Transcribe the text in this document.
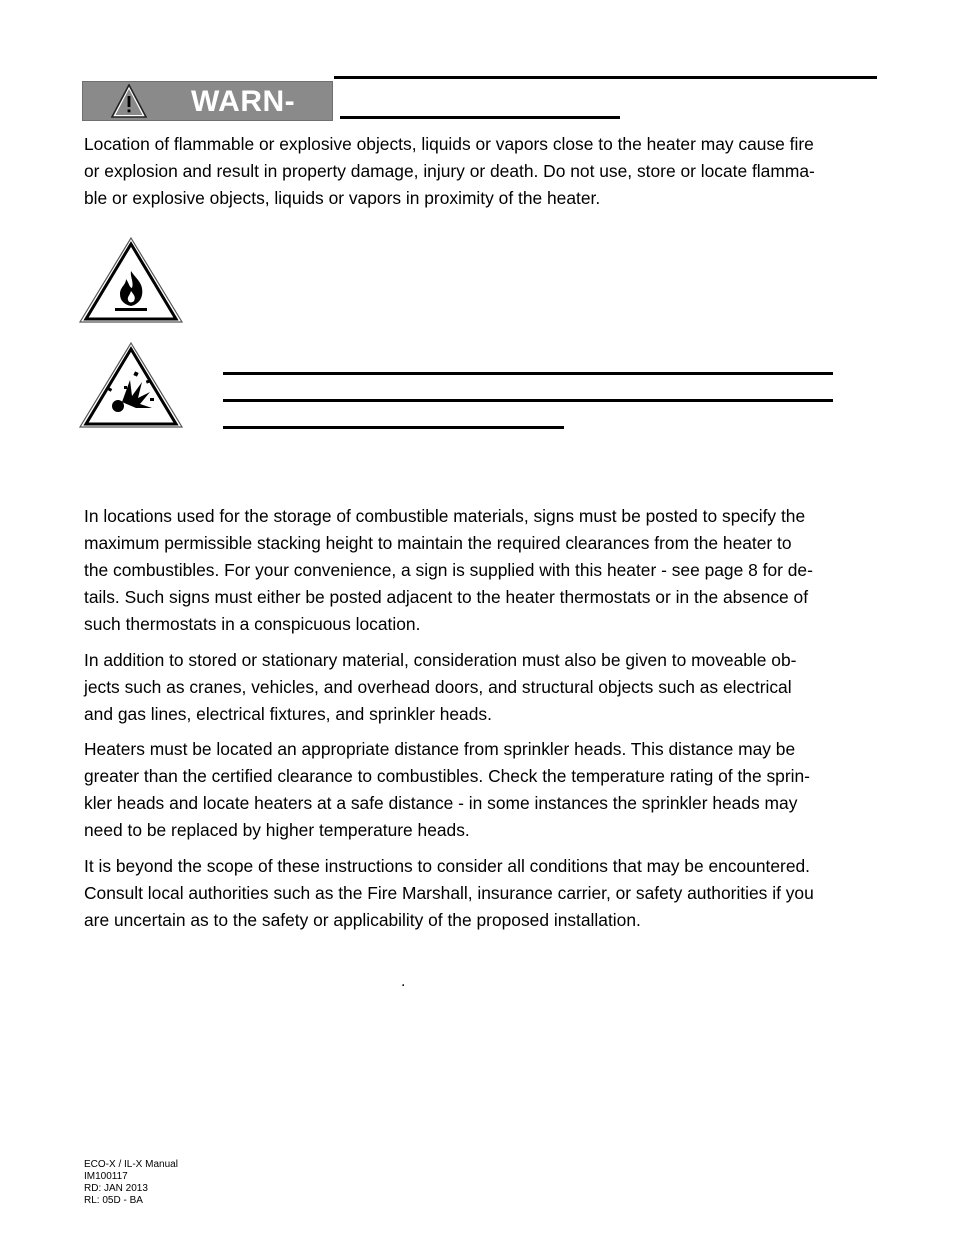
WARN-
Location of flammable or explosive objects, liquids or vapors close to the heater may cause fire
or explosion and result in property damage, injury or death. Do not use, store or locate flamma-
ble or explosive objects, liquids or vapors in proximity of the heater.
In locations used for the storage of combustible materials, signs must be posted to specify the
maximum permissible stacking height to maintain the required clearances from the heater to
the combustibles. For your convenience, a sign is supplied with this heater - see page 8 for de-
tails. Such signs must either be posted adjacent to the heater thermostats or in the absence of
such thermostats in a conspicuous location.
In addition to stored or stationary material, consideration must also be given to moveable ob-
jects such as cranes, vehicles, and overhead doors, and structural objects such as electrical
and gas lines, electrical fixtures, and sprinkler heads.
Heaters must be located an appropriate distance from sprinkler heads. This distance may be
greater than the certified clearance to combustibles. Check the temperature rating of the sprin-
kler heads and locate heaters at a safe distance - in some instances the sprinkler heads may
need to be replaced by higher temperature heads.
It is beyond the scope of these instructions to consider all conditions that may be encountered.
Consult local authorities such as the Fire Marshall, insurance carrier, or safety authorities if you
are uncertain as to the safety or applicability of the proposed installation.
.
ECO-X / IL-X Manual
IM100117
RD: JAN 2013
RL: 05D - BA
